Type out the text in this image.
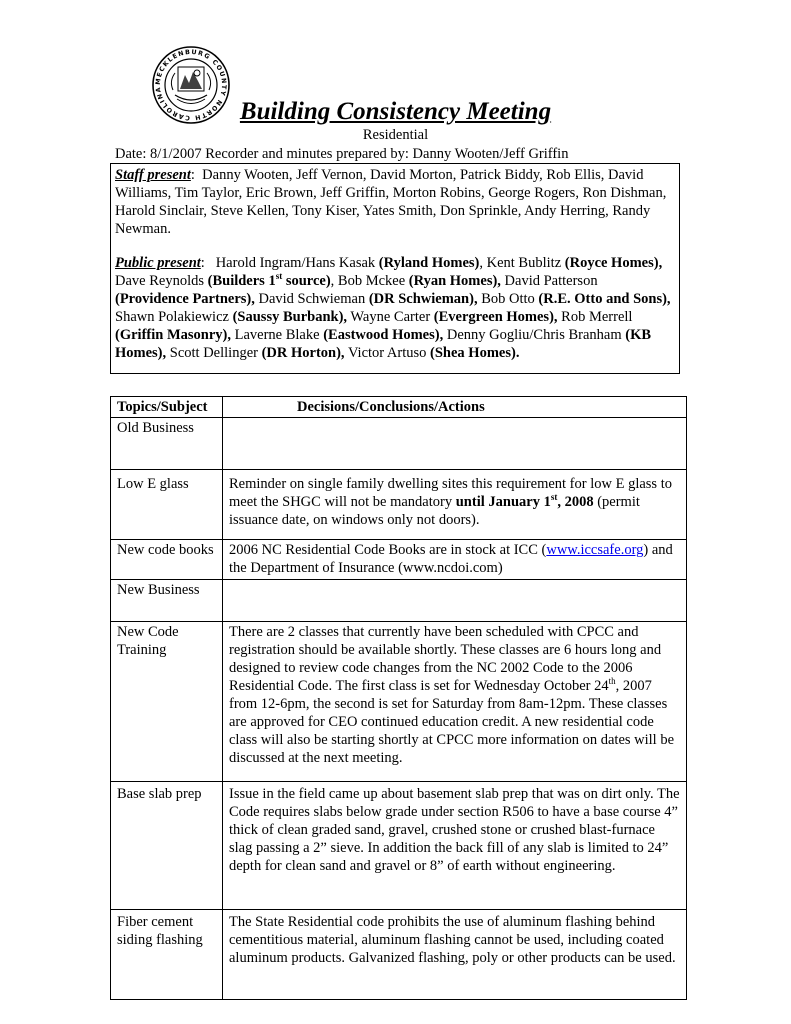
MECKLENBURG COUNTY NORTH CAROLINA
Building Consistency Meeting
Residential
Date: 8/1/2007 Recorder and minutes prepared by: Danny Wooten/Jeff Griffin

Staff present:  Danny Wooten, Jeff Vernon, David Morton, Patrick Biddy, Rob Ellis, David Williams, Tim Taylor, Eric Brown, Jeff Griffin, Morton Robins, George Rogers, Ron Dishman, Harold Sinclair, Steve Kellen, Tony Kiser, Yates Smith, Don Sprinkle, Andy Herring, Randy Newman.

Public present:   Harold Ingram/Hans Kasak (Ryland Homes), Kent Bublitz (Royce Homes), Dave Reynolds (Builders 1st source), Bob Mckee (Ryan Homes), David Patterson (Providence Partners), David Schwieman (DR Schwieman), Bob Otto (R.E. Otto and Sons), Shawn Polakiewicz (Saussy Burbank), Wayne Carter (Evergreen Homes), Rob Merrell (Griffin Masonry), Laverne Blake (Eastwood Homes), Denny Gogliu/Chris Branham (KB Homes), Scott Dellinger (DR Horton), Victor Artuso (Shea Homes).

Topics/Subject	Decisions/Conclusions/Actions
Old Business	
Low E glass	Reminder on single family dwelling sites this requirement for low E glass to meet the SHGC will not be mandatory until January 1st, 2008 (permit issuance date, on windows only not doors).
New code books	2006 NC Residential Code Books are in stock at ICC (www.iccsafe.org) and the Department of Insurance (www.ncdoi.com)
New Business	
New Code Training	There are 2 classes that currently have been scheduled with CPCC and registration should be available shortly. These classes are 6 hours long and designed to review code changes from the NC 2002 Code to the 2006 Residential Code. The first class is set for Wednesday October 24th, 2007 from 12-6pm, the second is set for Saturday from 8am-12pm. These classes are approved for CEO continued education credit. A new residential code class will also be starting shortly at CPCC more information on dates will be discussed at the next meeting.
Base slab prep	Issue in the field came up about basement slab prep that was on dirt only. The Code requires slabs below grade under section R506 to have a base course 4” thick of clean graded sand, gravel, crushed stone or crushed blast-furnace slag passing a 2” sieve. In addition the back fill of any slab is limited to 24” depth for clean sand and gravel or 8” of earth without engineering.
Fiber cement siding flashing	The State Residential code prohibits the use of aluminum flashing behind cementitious material, aluminum flashing cannot be used, including coated aluminum products. Galvanized flashing, poly or other products can be used.
